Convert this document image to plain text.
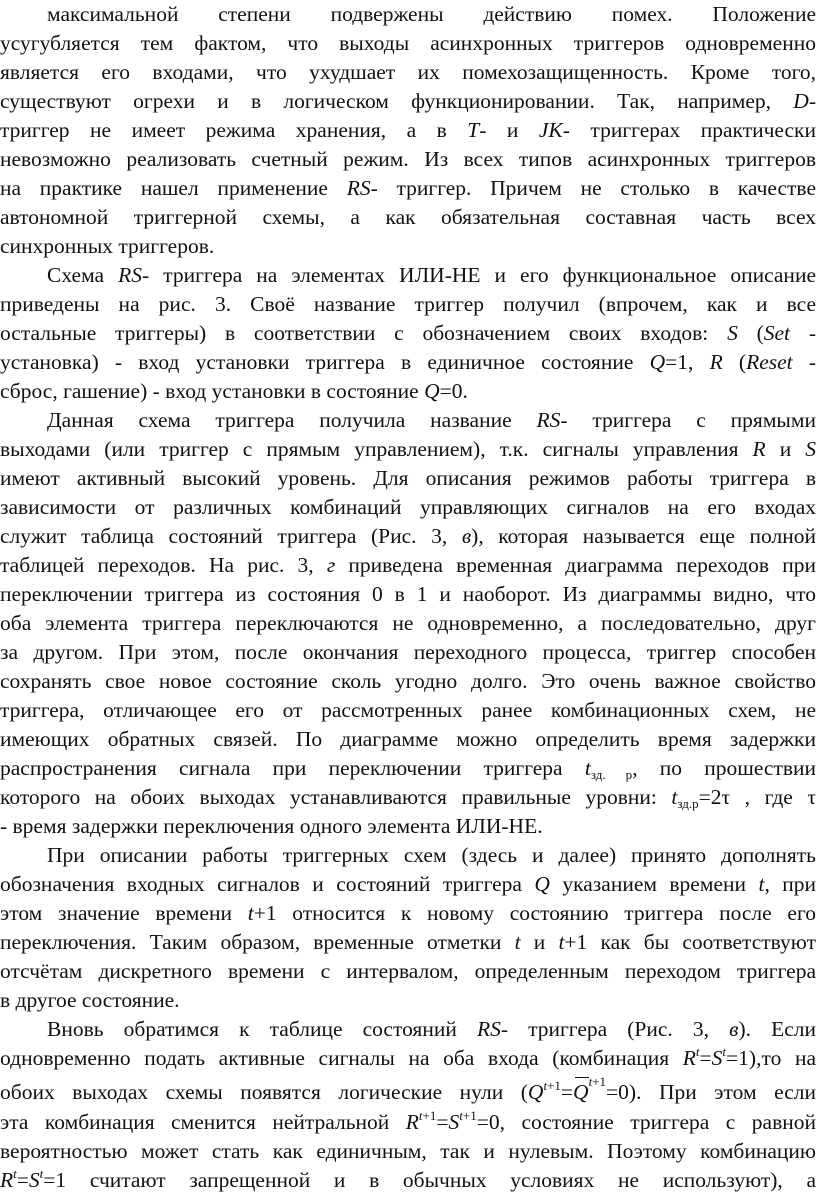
максимальной степени подвержены действию помех. Положение
усугубляется тем фактом, что выходы асинхронных триггеров одновременно
является его входами, что ухудшает их помехозащищенность. Кроме того,
существуют огрехи и в логическом функционировании. Так, например, D-
триггер не имеет режима хранения, а в T- и JK- триггерах практически
невозможно реализовать счетный режим. Из всех типов асинхронных триггеров
на практике нашел применение RS- триггер. Причем не столько в качестве
автономной триггерной схемы, а как обязательная составная часть всех
синхронных триггеров.
Схема RS- триггера на элементах ИЛИ-НЕ и его функциональное описание
приведены на рис. 3. Своё название триггер получил (впрочем, как и все
остальные триггеры) в соответствии с обозначением своих входов: S (Set -
установка) - вход установки триггера в единичное состояние Q=1, R (Reset -
сброс, гашение) - вход установки в состояние Q=0.
Данная схема триггера получила название RS- триггера с прямыми
выходами (или триггер с прямым управлением), т.к. сигналы управления R и S
имеют активный высокий уровень. Для описания режимов работы триггера в
зависимости от различных комбинаций управляющих сигналов на его входах
служит таблица состояний триггера (Рис. 3, в), которая называется еще полной
таблицей переходов. На рис. 3, г приведена временная диаграмма переходов при
переключении триггера из состояния 0 в 1 и наоборот. Из диаграммы видно, что
оба элемента триггера переключаются не одновременно, а последовательно, друг
за другом. При этом, после окончания переходного процесса, триггер способен
сохранять свое новое состояние сколь угодно долго. Это очень важное свойство
триггера, отличающее его от рассмотренных ранее комбинационных схем, не
имеющих обратных связей. По диаграмме можно определить время задержки
распространения сигнала при переключении триггера $t_{зд. р}$, по прошествии
которого на обоих выходах устанавливаются правильные уровни: $t_{зд.р}=2\tau$ , где τ
- время задержки переключения одного элемента ИЛИ-НЕ.
При описании работы триггерных схем (здесь и далее) принято дополнять
обозначения входных сигналов и состояний триггера Q указанием времени t, при
этом значение времени t+1 относится к новому состоянию триггера после его
переключения. Таким образом, временные отметки t и t+1 как бы соответствуют
отсчётам дискретного времени с интервалом, определенным переходом триггера
в другое состояние.
Вновь обратимся к таблице состояний RS- триггера (Рис. 3, в). Если
одновременно подать активные сигналы на оба входа (комбинация $R^t=S^t=1),то$ на
обоих выходах схемы появятся логические нули $(Q^{t+1}=Q^{t+1}=0)$. При этом если
эта комбинация сменится нейтральной $R^{t+1}=S^{t+1}=0$, состояние триггера с равной
вероятностью может стать как единичным, так и нулевым. Поэтому комбинацию
$R^t=S^t=1$ считают запрещенной и в обычных условиях не используют), а
